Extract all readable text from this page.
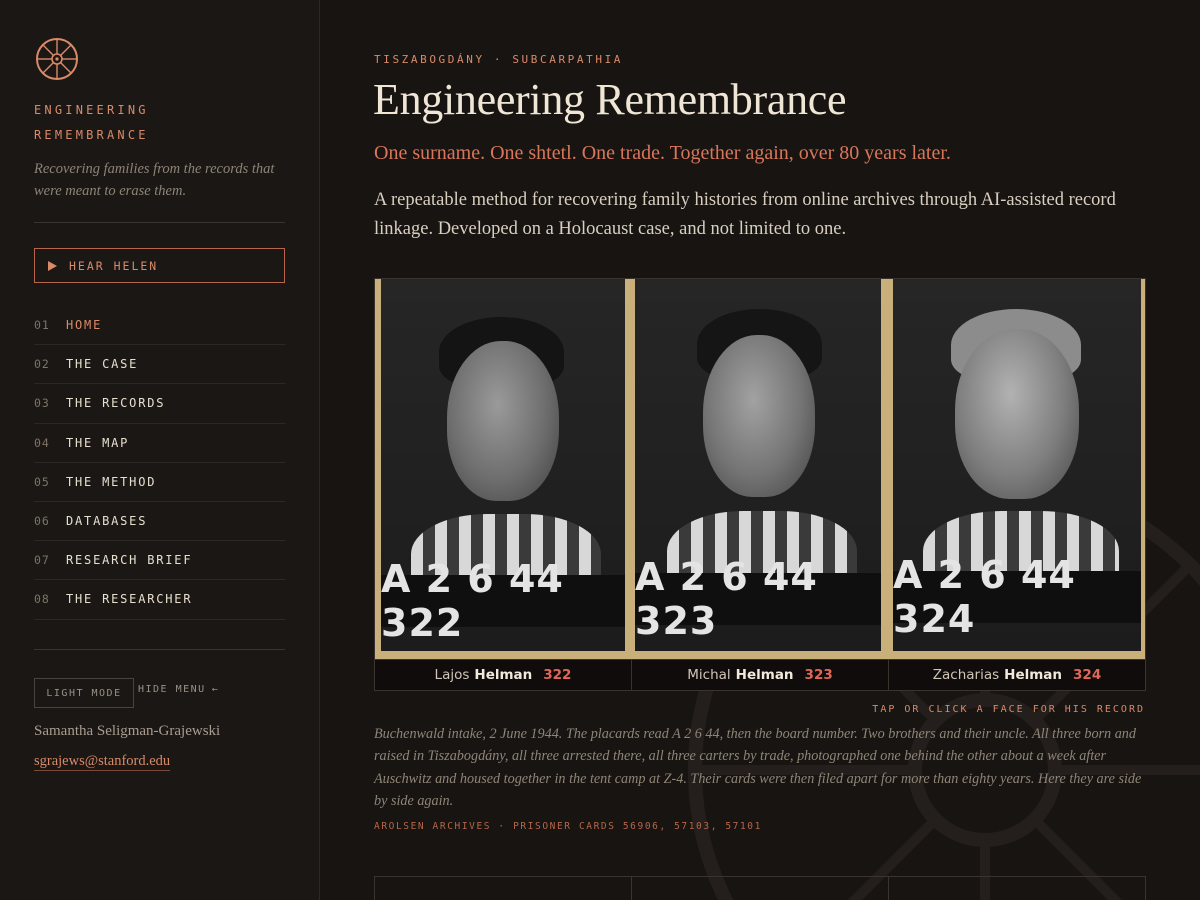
ENGINEERING
REMEMBRANCE

Recovering families from the records that were meant to erase them.

HEAR HELEN
01	HOME
02	THE CASE
03	THE RECORDS
04	THE MAP
05	THE METHOD
06	DATABASES
07	RESEARCH BRIEF
08	THE RESEARCHER
LIGHT MODE	HIDE MENU ←
Samantha Seligman-Grajewski
sgrajews@stanford.edu
TISZABOGDÁNY · SUBCARPATHIA
Engineering Remembrance
One surname. One shtetl. One trade. Together again, over 80 years later.

A repeatable method for recovering family histories from online archives through AI-assisted record linkage. Developed on a Holocaust case, and not limited to one.

A 2 6 44 322
A 2 6 44 323
A 2 6 44 324
Lajos Helman 322	Michal Helman 323	Zacharias Helman 324
TAP OR CLICK A FACE FOR HIS RECORD

Buchenwald intake, 2 June 1944. The placards read A 2 6 44, then the board number. Two brothers and their uncle. All three born and raised in Tiszabogdány, all three arrested there, all three carters by trade, photographed one behind the other about a week after Auschwitz and housed together in the tent camp at Z-4. Their cards were then filed apart for more than eighty years. Here they are side by side again.

AROLSEN ARCHIVES · PRISONER CARDS 56906, 57103, 57101
